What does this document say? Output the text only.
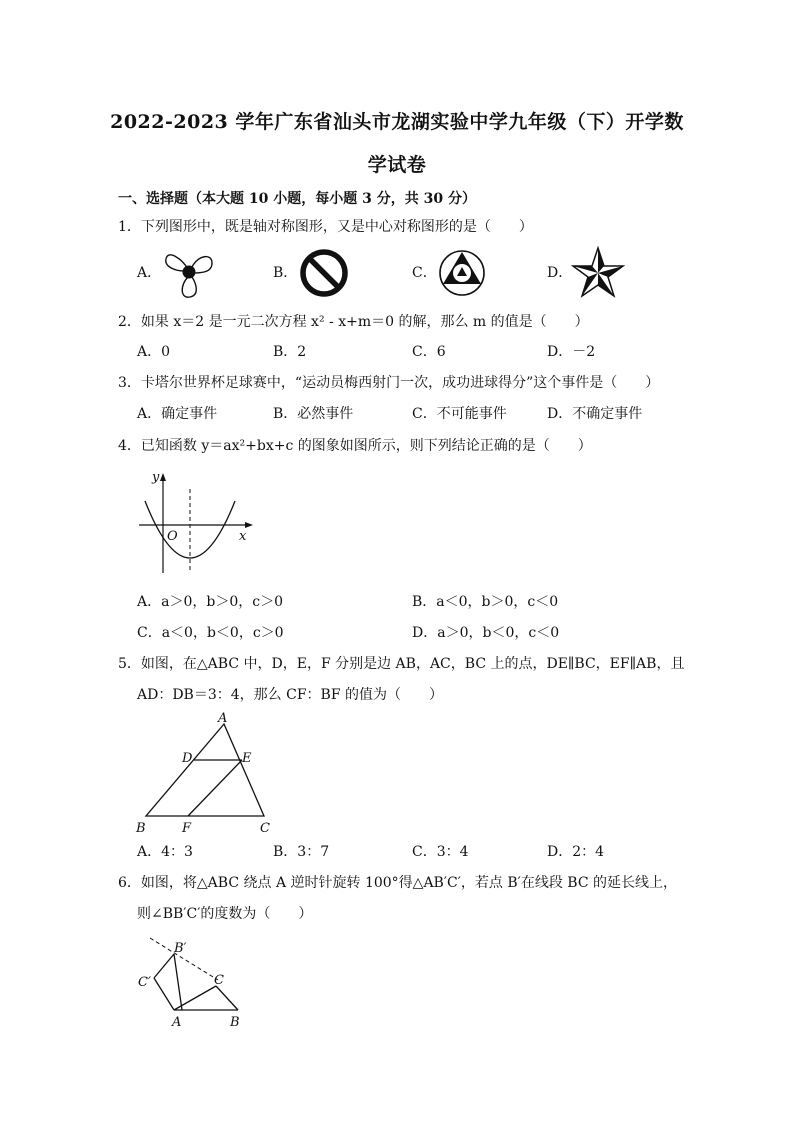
2022-2023 学年广东省汕头市龙湖实验中学九年级（下）开学数
学试卷
一、选择题（本大题 10 小题，每小题 3 分，共 30 分）
1．下列图形中，既是轴对称图形，又是中心对称图形的是（　　）
A．	B．	C．	D．
2．如果 x＝2 是一元二次方程 x² - x+m＝0 的解，那么 m 的值是（　　）
A．0	B．2	C．6	D．－2
3．卡塔尔世界杯足球赛中，“运动员梅西射门一次，成功进球得分”这个事件是（　　）
A．确定事件	B．必然事件	C．不可能事件	D．不确定事件
4．已知函数 y＝ax²+bx+c 的图象如图所示，则下列结论正确的是（　　）
y
O	x
A．a＞0，b＞0，c＞0	B．a＜0，b＞0，c＜0
C．a＜0，b＜0，c＞0	D．a＞0，b＜0，c＜0
5．如图，在△ABC 中，D，E，F 分别是边 AB，AC，BC 上的点，DE∥BC，EF∥AB，且
AD：DB＝3：4，那么 CF：BF 的值为（　　）
A
D	E
B	F	C
A．4：3	B．3：7	C．3：4	D．2：4
6．如图，将△ABC 绕点 A 逆时针旋转 100°得△AB′C′，若点 B′在线段 BC 的延长线上，
则∠BB′C′的度数为（　　）
B′
C′	C
A	B
